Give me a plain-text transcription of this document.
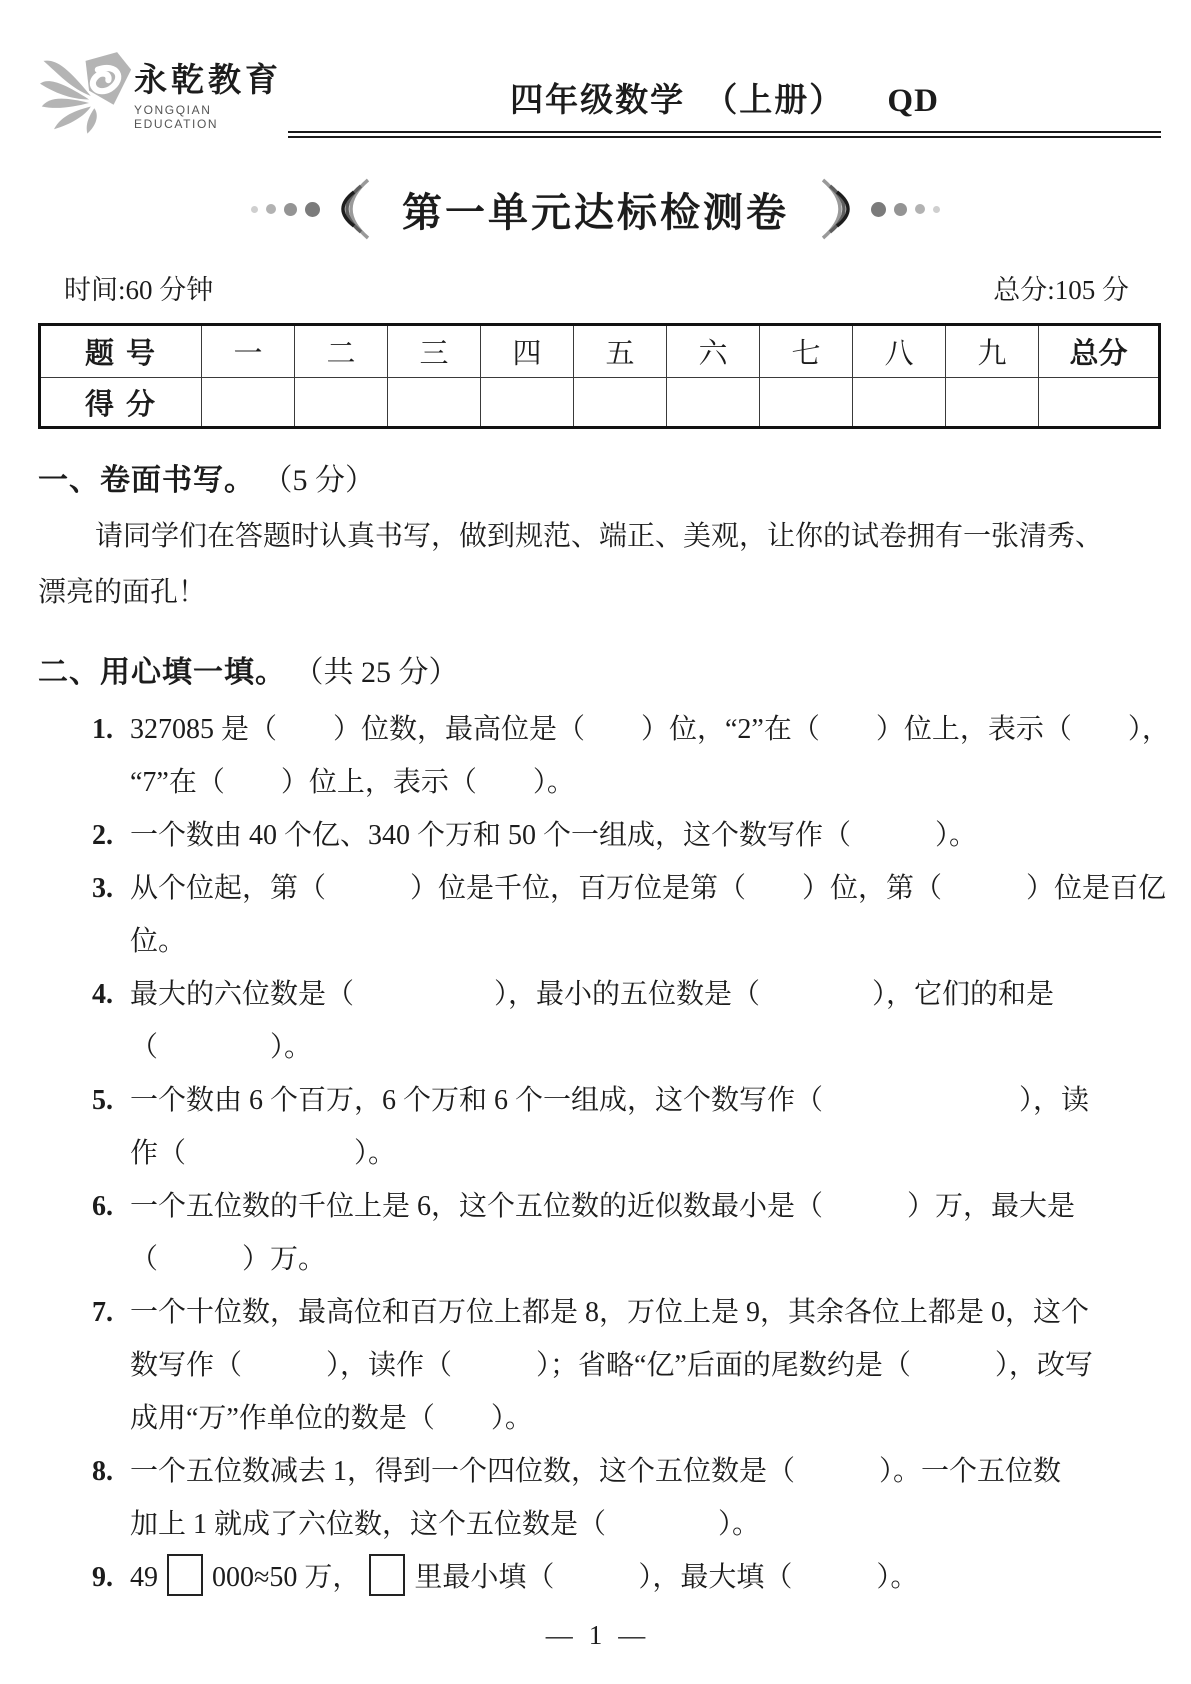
永乾教育
YONGQIAN EDUCATION
四年级数学 （上册） QD
第一单元达标检测卷
时间:60 分钟	总分:105 分
题 号	一	二	三	四	五	六	七	八	九	总分
得 分										
一、卷面书写。 （5 分）
请同学们在答题时认真书写，做到规范、端正、美观，让你的试卷拥有一张清秀、
漂亮的面孔！
二、用心填一填。 （共 25 分）
1. 327085 是（　　）位数，最高位是（　　）位，“2”在（　　）位上，表示（　　），
“7”在（　　）位上，表示（　　）。
2. 一个数由 40 个亿、340 个万和 50 个一组成，这个数写作（　　　）。
3. 从个位起，第（　　　）位是千位，百万位是第（　　）位，第（　　　）位是百亿
位。
4. 最大的六位数是（　　　　　），最小的五位数是（　　　　），它们的和是
（　　　　）。
5. 一个数由 6 个百万，6 个万和 6 个一组成，这个数写作（　　　　　　　），读
作（　　　　　　）。
6. 一个五位数的千位上是 6，这个五位数的近似数最小是（　　　）万，最大是
（　　　）万。
7. 一个十位数，最高位和百万位上都是 8，万位上是 9，其余各位上都是 0，这个
数写作（　　　），读作（　　　）；省略“亿”后面的尾数约是（　　　），改写
成用“万”作单位的数是（　　）。
8. 一个五位数减去 1，得到一个四位数，这个五位数是（　　　）。一个五位数
加上 1 就成了六位数，这个五位数是（　　　　）。
9. 49 000≈50 万， 里最小填（　　　），最大填（　　　）。
— 1 —
